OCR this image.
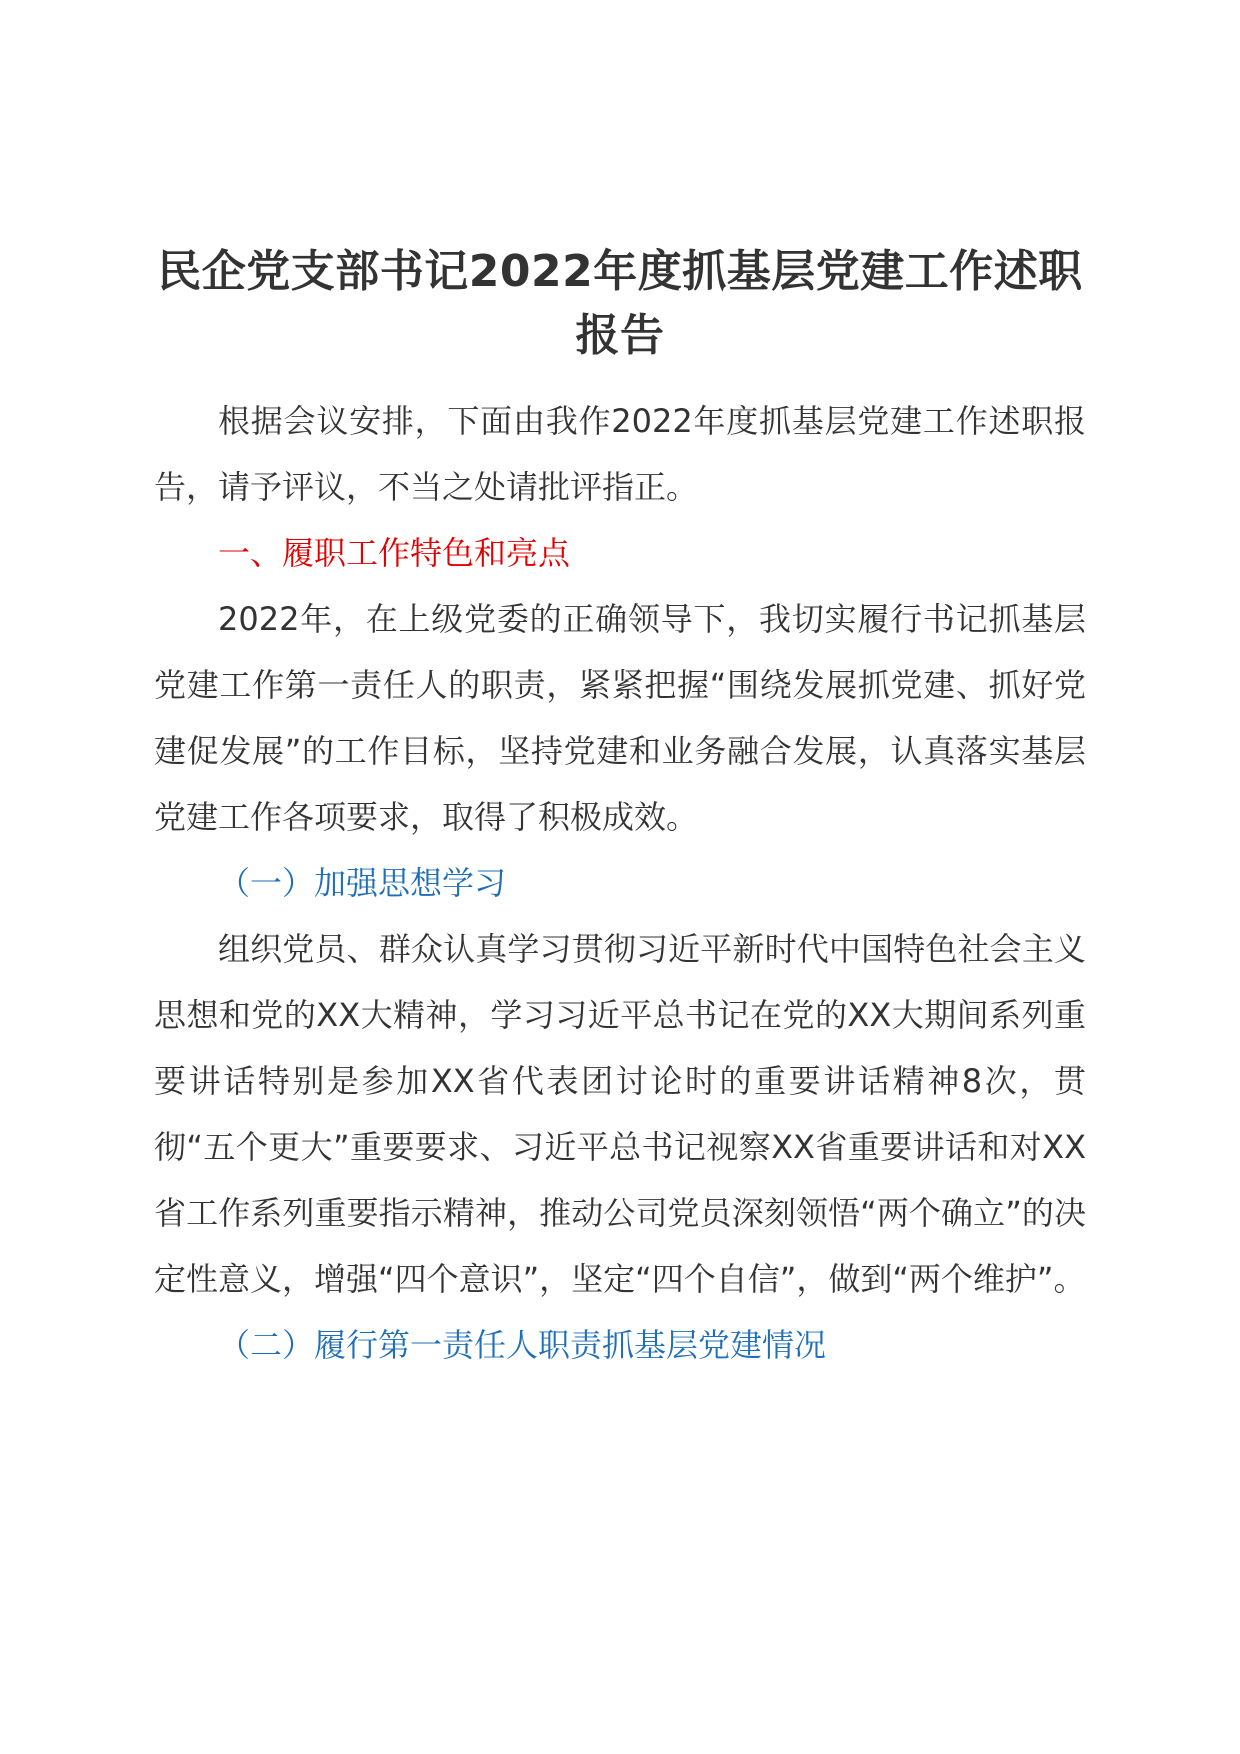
民企党支部书记2022年度抓基层党建工作述职报告

根据会议安排，下面由我作2022年度抓基层党建工作述职报告，请予评议，不当之处请批评指正。

一、履职工作特色和亮点

2022年，在上级党委的正确领导下，我切实履行书记抓基层党建工作第一责任人的职责，紧紧把握“围绕发展抓党建、抓好党建促发展”的工作目标，坚持党建和业务融合发展，认真落实基层党建工作各项要求，取得了积极成效。

（一）加强思想学习

组织党员、群众认真学习贯彻习近平新时代中国特色社会主义思想和党的XX大精神，学习习近平总书记在党的XX大期间系列重要讲话特别是参加XX省代表团讨论时的重要讲话精神8次，贯彻“五个更大”重要要求、习近平总书记视察XX省重要讲话和对XX省工作系列重要指示精神，推动公司党员深刻领悟“两个确立”的决定性意义，增强“四个意识”，坚定“四个自信”，做到“两个维护”。

（二）履行第一责任人职责抓基层党建情况
